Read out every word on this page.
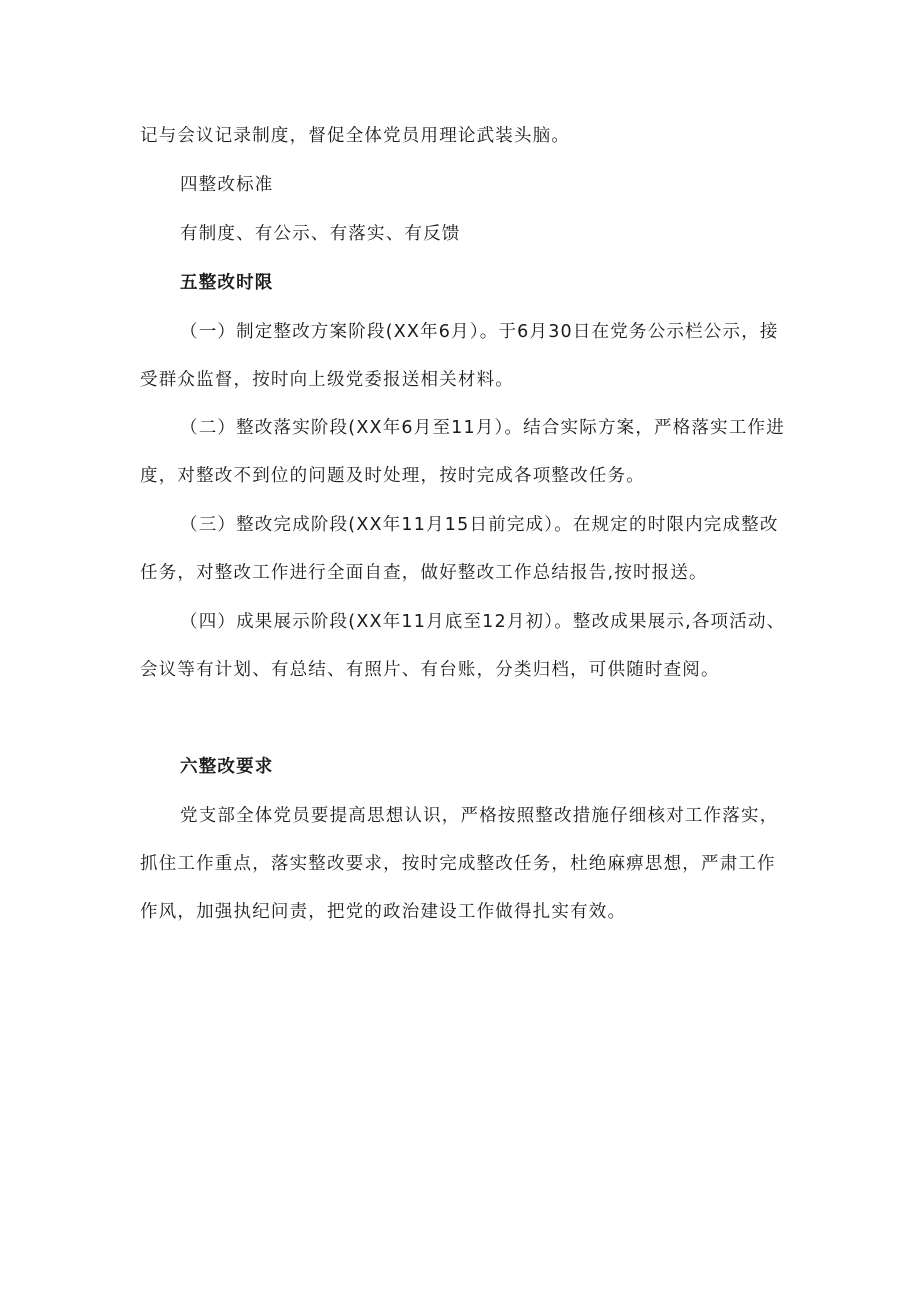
记与会议记录制度，督促全体党员用理论武装头脑。

四整改标准

有制度、有公示、有落实、有反馈

五整改时限

（一）制定整改方案阶段(XX年6月）。于6月30日在党务公示栏公示，接受群众监督，按时向上级党委报送相关材料。

（二）整改落实阶段(XX年6月至11月）。结合实际方案，严格落实工作进度，对整改不到位的问题及时处理，按时完成各项整改任务。

（三）整改完成阶段(XX年11月15日前完成）。在规定的时限内完成整改任务，对整改工作进行全面自查，做好整改工作总结报告,按时报送。

（四）成果展示阶段(XX年11月底至12月初）。整改成果展示,各项活动、会议等有计划、有总结、有照片、有台账，分类归档，可供随时查阅。

六整改要求

党支部全体党员要提高思想认识，严格按照整改措施仔细核对工作落实，抓住工作重点，落实整改要求，按时完成整改任务，杜绝麻痹思想，严肃工作作风，加强执纪问责，把党的政治建设工作做得扎实有效。
